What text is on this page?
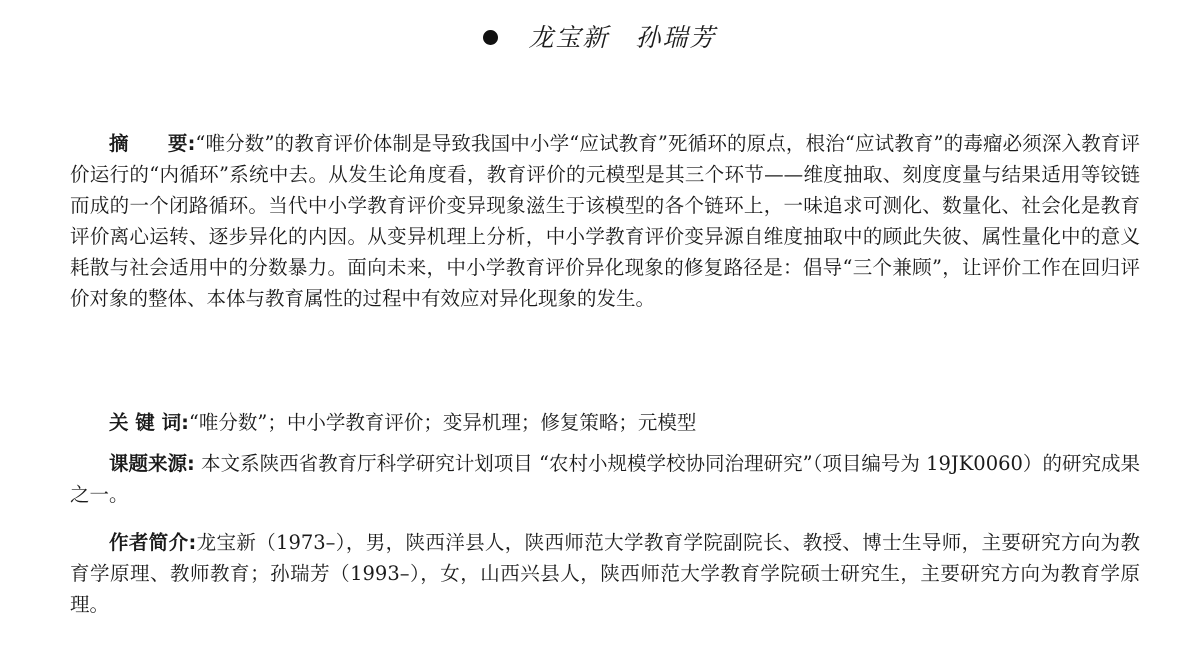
龙宝新 孙瑞芳

摘　　要:“唯分数”的教育评价体制是导致我国中小学“应试教育”死循环的原点，根治“应试教育”的毒瘤必须深入教育评价运行的“内循环”系统中去。从发生论角度看，教育评价的元模型是其三个环节——维度抽取、刻度度量与结果适用等铰链而成的一个闭路循环。当代中小学教育评价变异现象滋生于该模型的各个链环上，一味追求可测化、数量化、社会化是教育评价离心运转、逐步异化的内因。从变异机理上分析，中小学教育评价变异源自维度抽取中的顾此失彼、属性量化中的意义耗散与社会适用中的分数暴力。面向未来，中小学教育评价异化现象的修复路径是：倡导“三个兼顾”，让评价工作在回归评价对象的整体、本体与教育属性的过程中有效应对异化现象的发生。

关 键 词:“唯分数”；中小学教育评价；变异机理；修复策略；元模型

课题来源: 本文系陕西省教育厅科学研究计划项目 “农村小规模学校协同治理研究”（项目编号为 19JK0060）的研究成果之一。

作者简介:龙宝新（1973–），男，陕西洋县人，陕西师范大学教育学院副院长、教授、博士生导师，主要研究方向为教育学原理、教师教育；孙瑞芳（1993–），女，山西兴县人，陕西师范大学教育学院硕士研究生，主要研究方向为教育学原理。
